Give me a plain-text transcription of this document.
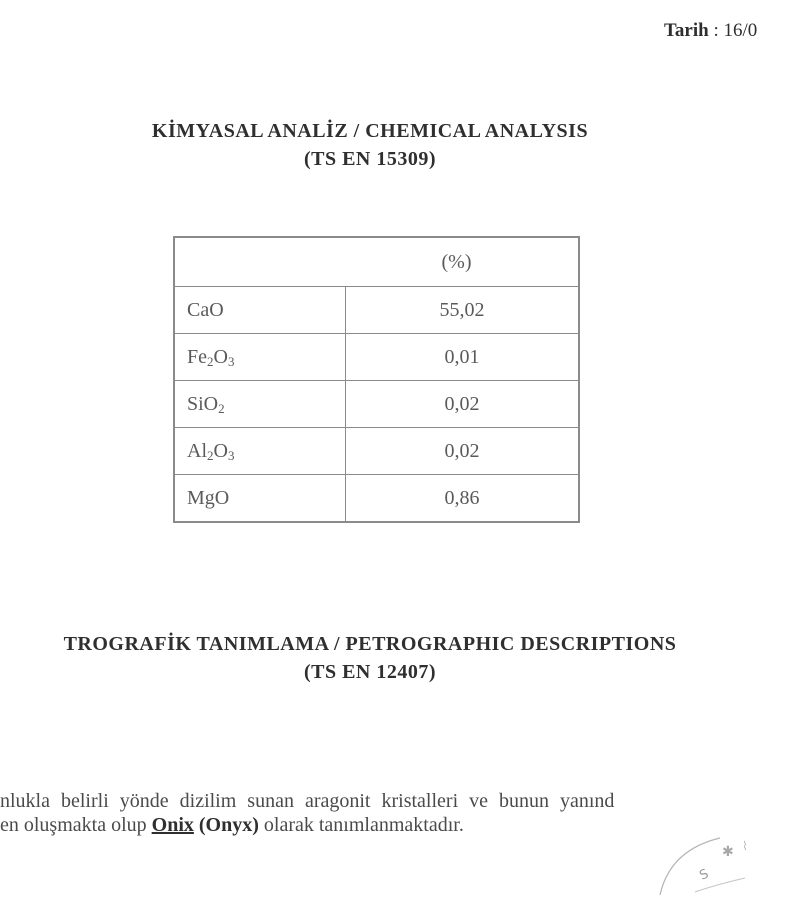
Tarih : 16/0
KİMYASAL ANALİZ / CHEMICAL ANALYSIS
(TS EN 15309)
(%)	
CaO	55,02
$Fe_2O_3$	0,01
SiO$_2$	0,02
$Al_2O_3$	0,02
MgO	0,86
TROGRAFİK TANIMLAMA / PETROGRAPHIC DESCRIPTIONS
(TS EN 12407)
nlukla belirli yönde dizilim sunan aragonit kristalleri ve bunun yanınd
en oluşmakta olup Onix (Onyx) olarak tanımlanmaktadır.
✱ ⌇
S
